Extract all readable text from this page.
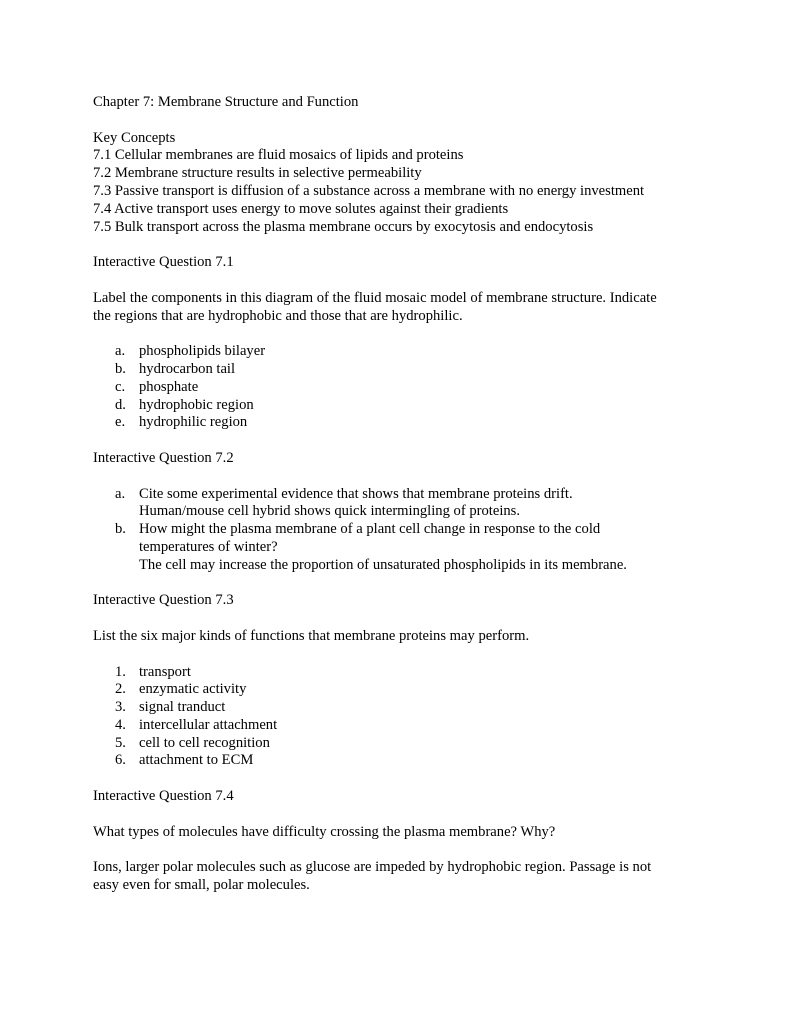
Chapter 7: Membrane Structure and Function

Key Concepts

7.1 Cellular membranes are fluid mosaics of lipids and proteins

7.2 Membrane structure results in selective permeability

7.3 Passive transport is diffusion of a substance across a membrane with no energy investment

7.4 Active transport uses energy to move solutes against their gradients

7.5 Bulk transport across the plasma membrane occurs by exocytosis and endocytosis

Interactive Question 7.1

Label the components in this diagram of the fluid mosaic model of membrane structure. Indicate

the regions that are hydrophobic and those that are hydrophilic.

a. phospholipids bilayer
b. hydrocarbon tail
c. phosphate
d. hydrophobic region
e. hydrophilic region

Interactive Question 7.2

a. Cite some experimental evidence that shows that membrane proteins drift.
Human/mouse cell hybrid shows quick intermingling of proteins.
b. How might the plasma membrane of a plant cell change in response to the cold
temperatures of winter?
The cell may increase the proportion of unsaturated phospholipids in its membrane.

Interactive Question 7.3

List the six major kinds of functions that membrane proteins may perform.

1. transport
2. enzymatic activity
3. signal tranduct
4. intercellular attachment
5. cell to cell recognition
6. attachment to ECM

Interactive Question 7.4

What types of molecules have difficulty crossing the plasma membrane? Why?

Ions, larger polar molecules such as glucose are impeded by hydrophobic region. Passage is not

easy even for small, polar molecules.
